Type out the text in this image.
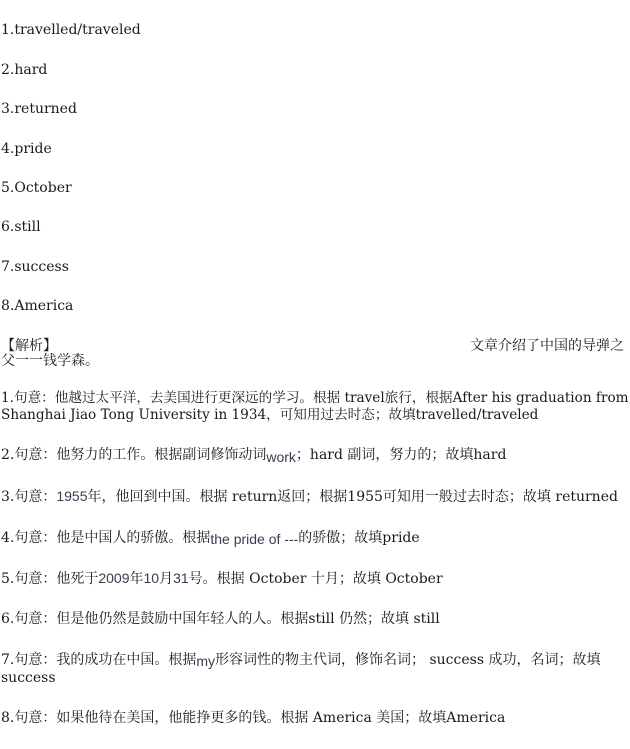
1.travelled/traveled
2.hard
3.returned
4.pride
5.October
6.still
7.success
8.America
【解析】	文章介绍了中国的导弹之
父一一钱学森。
1.句意：他越过太平洋，去美国进行更深远的学习。根据 travel旅行，根据After his graduation from
Shanghai Jiao Tong University in 1934，可知用过去时态；故填travelled/traveled
2.句意：他努力的工作。根据副词修饰动词work；hard 副词，努力的；故填hard
3.句意：1955年，他回到中国。根据 return返回；根据1955可知用一般过去时态；故填 returned
4.句意：他是中国人的骄傲。根据the pride of ---的骄傲；故填pride
5.句意：他死于2009年10月31号。根据 October 十月；故填 October
6.句意：但是他仍然是鼓励中国年轻人的人。根据still 仍然；故填 still
7.句意：我的成功在中国。根据my形容词性的物主代词，修饰名词； success 成功，名词；故填
success
8.句意：如果他待在美国，他能挣更多的钱。根据 America 美国；故填America
